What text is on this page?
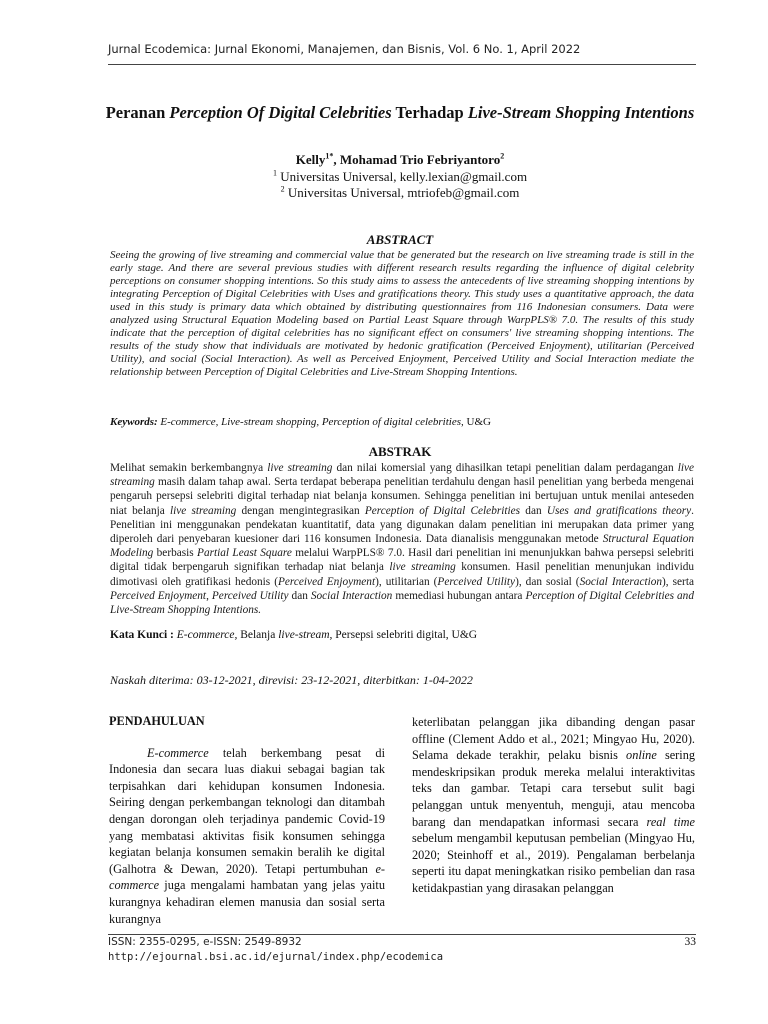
Jurnal Ecodemica: Jurnal Ekonomi, Manajemen, dan Bisnis, Vol. 6 No. 1, April 2022
Peranan Perception Of Digital Celebrities Terhadap Live-Stream Shopping Intentions
Kelly$^{1*}$, Mohamad Trio Febriyantoro$^2$
$^1$ Universitas Universal, kelly.lexian@gmail.com
$^2$ Universitas Universal, mtriofeb@gmail.com
ABSTRACT
Seeing the growing of live streaming and commercial value that be generated but the research on live streaming trade is still in the early stage. And there are several previous studies with different research results regarding the influence of digital celebrity perceptions on consumer shopping intentions. So this study aims to assess the antecedents of live streaming shopping intentions by integrating Perception of Digital Celebrities with Uses and gratifications theory. This study uses a quantitative approach, the data used in this study is primary data which obtained by distributing questionnaires from 116 Indonesian consumers. Data were analyzed using Structural Equation Modeling based on Partial Least Square through WarpPLS® 7.0. The results of this study indicate that the perception of digital celebrities has no significant effect on consumers' live streaming shopping intentions. The results of the study show that individuals are motivated by hedonic gratification (Perceived Enjoyment), utilitarian (Perceived Utility), and social (Social Interaction). As well as Perceived Enjoyment, Perceived Utility and Social Interaction mediate the relationship between Perception of Digital Celebrities and Live-Stream Shopping Intentions.
Keywords: E-commerce, Live-stream shopping, Perception of digital celebrities, U&G
ABSTRAK
Melihat semakin berkembangnya live streaming dan nilai komersial yang dihasilkan tetapi penelitian dalam perdagangan live streaming masih dalam tahap awal. Serta terdapat beberapa penelitian terdahulu dengan hasil penelitian yang berbeda mengenai pengaruh persepsi selebriti digital terhadap niat belanja konsumen. Sehingga penelitian ini bertujuan untuk menilai anteseden niat belanja live streaming dengan mengintegrasikan Perception of Digital Celebrities dan Uses and gratifications theory. Penelitian ini menggunakan pendekatan kuantitatif, data yang digunakan dalam penelitian ini merupakan data primer yang diperoleh dari penyebaran kuesioner dari 116 konsumen Indonesia. Data dianalisis menggunakan metode Structural Equation Modeling berbasis Partial Least Square melalui WarpPLS® 7.0. Hasil dari penelitian ini menunjukkan bahwa persepsi selebriti digital tidak berpengaruh signifikan terhadap niat belanja live streaming konsumen. Hasil penelitian menunjukan individu dimotivasi oleh gratifikasi hedonis (Perceived Enjoyment), utilitarian (Perceived Utility), dan sosial (Social Interaction), serta Perceived Enjoyment, Perceived Utility dan Social Interaction memediasi hubungan antara Perception of Digital Celebrities and Live-Stream Shopping Intentions.
Kata Kunci : E-commerce, Belanja live-stream, Persepsi selebriti digital, U&G
Naskah diterima: 03-12-2021, direvisi: 23-12-2021, diterbitkan: 1-04-2022
PENDAHULUAN

E-commerce telah berkembang pesat di Indonesia dan secara luas diakui sebagai bagian tak terpisahkan dari kehidupan konsumen Indonesia. Seiring dengan perkembangan teknologi dan ditambah dengan dorongan oleh terjadinya pandemic Covid-19 yang membatasi aktivitas fisik konsumen sehingga kegiatan belanja konsumen semakin beralih ke digital (Galhotra & Dewan, 2020). Tetapi pertumbuhan e-commerce juga mengalami hambatan yang jelas yaitu kurangnya kehadiran elemen manusia dan sosial serta kurangnya

keterlibatan pelanggan jika dibanding dengan pasar offline (Clement Addo et al., 2021; Mingyao Hu, 2020). Selama dekade terakhir, pelaku bisnis online sering mendeskripsikan produk mereka melalui interaktivitas teks dan gambar. Tetapi cara tersebut sulit bagi pelanggan untuk menyentuh, menguji, atau mencoba barang dan mendapatkan informasi secara real time sebelum mengambil keputusan pembelian (Mingyao Hu, 2020; Steinhoff et al., 2019). Pengalaman berbelanja seperti itu dapat meningkatkan risiko pembelian dan rasa ketidakpastian yang dirasakan pelanggan

ISSN: 2355-0295, e-ISSN: 2549-8932
http://ejournal.bsi.ac.id/ejurnal/index.php/ecodemica
33
